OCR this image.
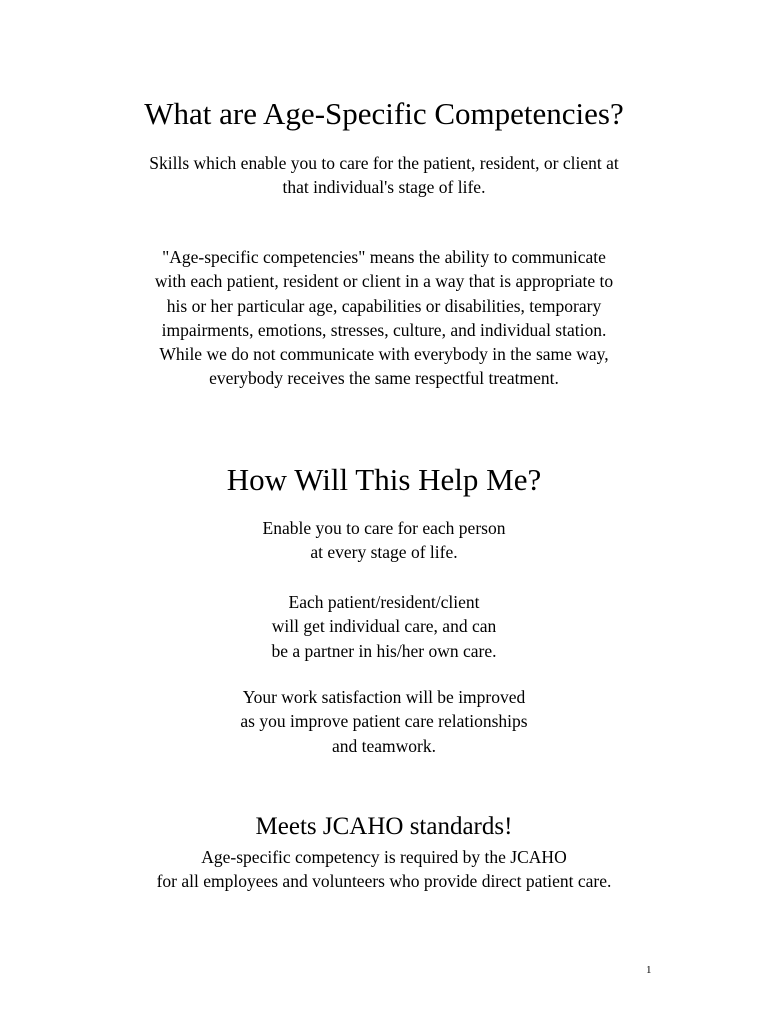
What are Age-Specific Competencies?
Skills which enable you to care for the patient, resident, or client at
that individual's stage of life.
"Age-specific competencies" means the ability to communicate
with each patient, resident or client in a way that is appropriate to
his or her particular age, capabilities or disabilities, temporary
impairments, emotions, stresses, culture, and individual station.
While we do not communicate with everybody in the same way,
everybody receives the same respectful treatment.
How Will This Help Me?
Enable you to care for each person
at every stage of life.
Each patient/resident/client
will get individual care, and can
be a partner in his/her own care.
Your work satisfaction will be improved
as you improve patient care relationships
and teamwork.
Meets JCAHO standards!
Age-specific competency is required by the JCAHO
for all employees and volunteers who provide direct patient care.
1
